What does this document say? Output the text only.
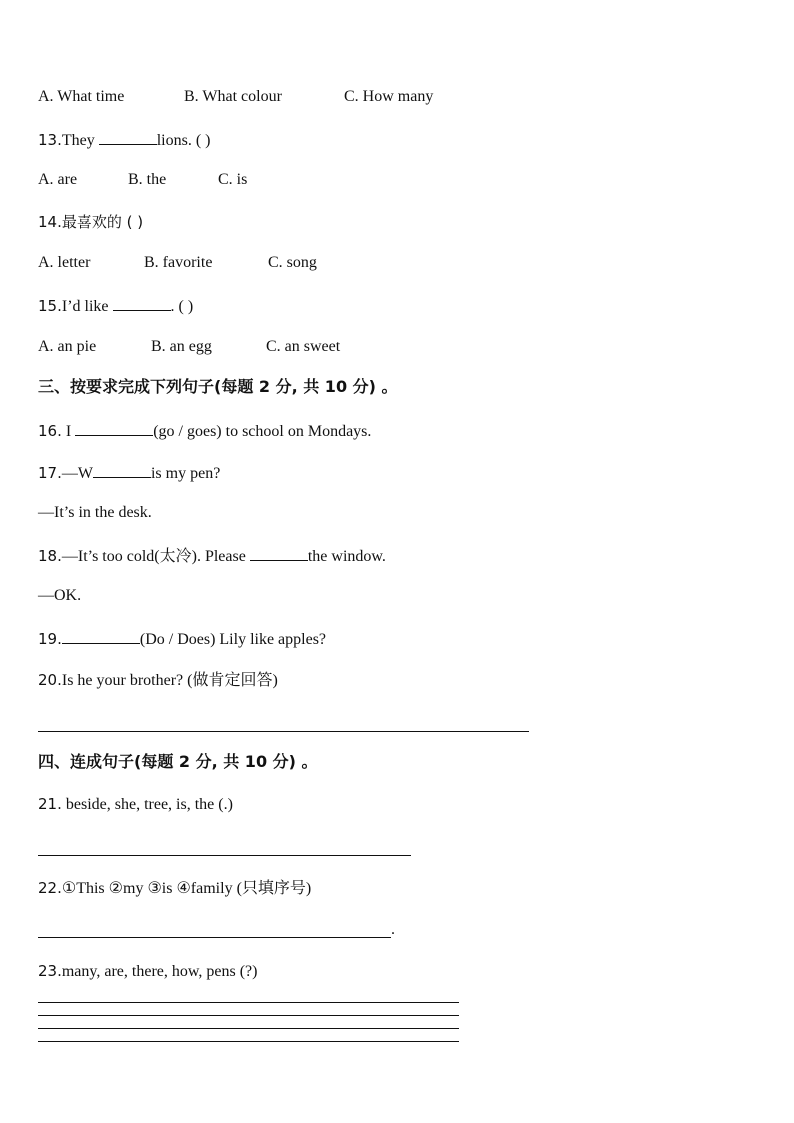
A. What time	B. What colour	C. How many
13.They	lions. ( )
A. are	B. the	C. is
14.最喜欢的 ( )
A. letter	B. favorite	C. song
15.I’d like	. ( )
A. an pie	B. an egg	C. an sweet
三、按要求完成下列句子(每题 2 分, 共 10 分) 。
16. I	(go / goes) to school on Mondays.
17.—W	is my pen?
—It’s in the desk.
18.—It’s too cold(太冷). Please	the window.
—OK.
19.	(Do / Does) Lily like apples?
20.Is he your brother? (做肯定回答)
四、连成句子(每题 2 分, 共 10 分) 。
21. beside, she, tree, is, the (.)
22.①This ②my ③is ④family (只填序号)
.
23.many, are, there, how, pens (?)
